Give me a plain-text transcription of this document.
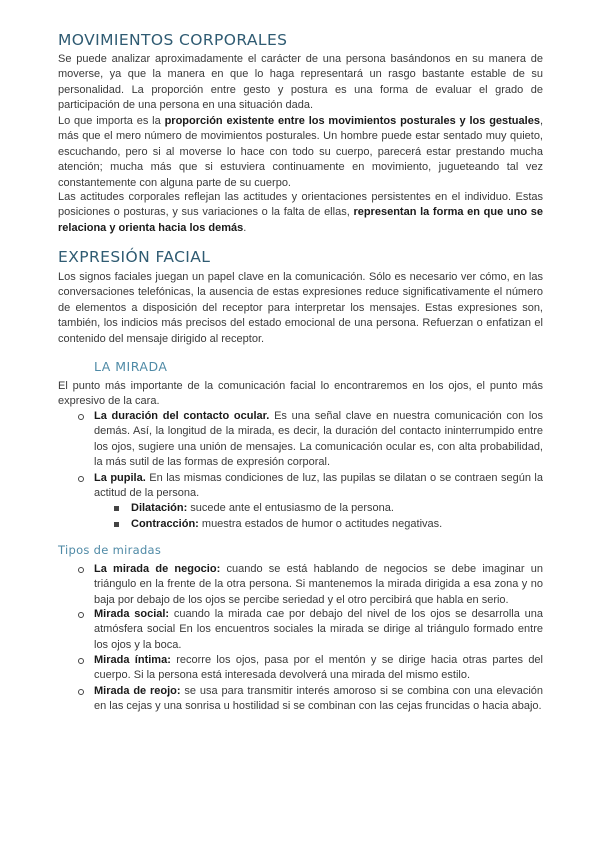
MOVIMIENTOS CORPORALES

Se puede analizar aproximadamente el carácter de una persona basándonos en su manera de moverse, ya que la manera en que lo haga representará un rasgo bastante estable de su personalidad. La proporción entre gesto y postura es una forma de evaluar el grado de participación de una persona en una situación dada.

Lo que importa es la proporción existente entre los movimientos posturales y los gestuales, más que el mero número de movimientos posturales. Un hombre puede estar sentado muy quieto, escuchando, pero si al moverse lo hace con todo su cuerpo, parecerá estar prestando mucha atención; mucha más que si estuviera continuamente en movimiento, jugueteando tal vez constantemente con alguna parte de su cuerpo.

Las actitudes corporales reflejan las actitudes y orientaciones persistentes en el individuo. Estas posiciones o posturas, y sus variaciones o la falta de ellas, representan la forma en que uno se relaciona y orienta hacia los demás.

EXPRESIÓN FACIAL

Los signos faciales juegan un papel clave en la comunicación. Sólo es necesario ver cómo, en las conversaciones telefónicas, la ausencia de estas expresiones reduce significativamente el número de elementos a disposición del receptor para interpretar los mensajes. Estas expresiones son, también, los indicios más precisos del estado emocional de una persona. Refuerzan o enfatizan el contenido del mensaje dirigido al receptor.

LA MIRADA

El punto más importante de la comunicación facial lo encontraremos en los ojos, el punto más expresivo de la cara.

La duración del contacto ocular. Es una señal clave en nuestra comunicación con los demás. Así, la longitud de la mirada, es decir, la duración del contacto ininterrumpido entre los ojos, sugiere una unión de mensajes. La comunicación ocular es, con alta probabilidad, la más sutil de las formas de expresión corporal.
La pupila. En las mismas condiciones de luz, las pupilas se dilatan o se contraen según la actitud de la persona.
Dilatación: sucede ante el entusiasmo de la persona.
Contracción: muestra estados de humor o actitudes negativas.
Tipos de miradas
La mirada de negocio: cuando se está hablando de negocios se debe imaginar un triángulo en la frente de la otra persona. Si mantenemos la mirada dirigida a esa zona y no baja por debajo de los ojos se percibe seriedad y el otro percibirá que habla en serio.
Mirada social: cuando la mirada cae por debajo del nivel de los ojos se desarrolla una atmósfera social En los encuentros sociales la mirada se dirige al triángulo formado entre los ojos y la boca.
Mirada íntima: recorre los ojos, pasa por el mentón y se dirige hacia otras partes del cuerpo. Si la persona está interesada devolverá una mirada del mismo estilo.
Mirada de reojo: se usa para transmitir interés amoroso si se combina con una elevación en las cejas y una sonrisa u hostilidad si se combinan con las cejas fruncidas o hacia abajo.
